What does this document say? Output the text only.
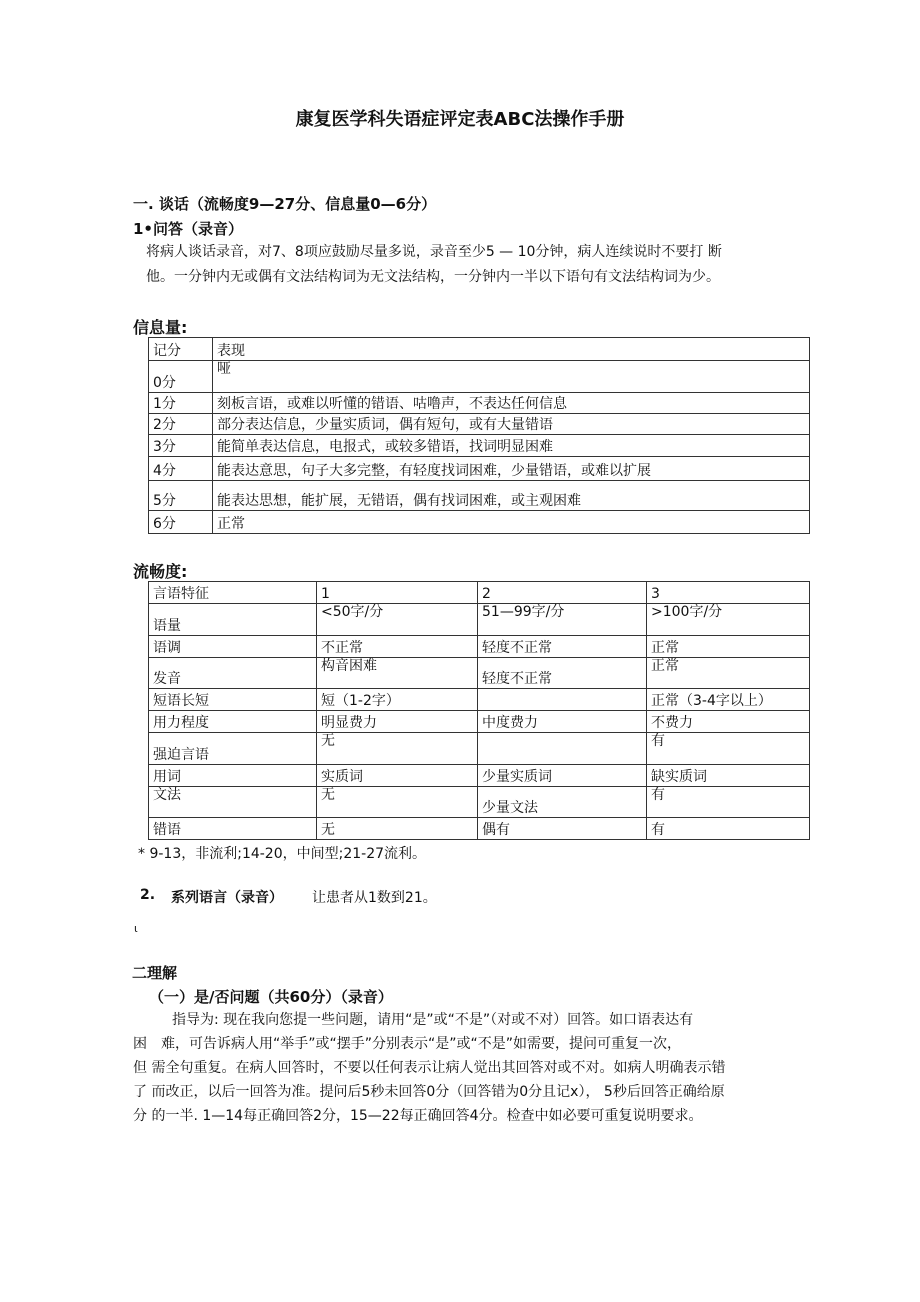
康复医学科失语症评定表ABC法操作手册
一. 谈话（流畅度9—27分、信息量0—6分）
1•问答（录音）
将病人谈话录音，对7、8项应鼓励尽量多说，录音至少5 — 10分钟，病人连续说时不要打 断
他。一分钟内无或偶有文法结构词为无文法结构，一分钟内一半以下语句有文法结构词为少。
信息量:
记分	表现
0分	哑
1分	刻板言语，或难以听懂的错语、咕噜声，不表达任何信息
2分	部分表达信息，少量实质词，偶有短句，或有大量错语
3分	能简单表达信息，电报式，或较多错语，找词明显困难
4分	能表达意思，句子大多完整，有轻度找词困难，少量错语，或难以扩展
5分	能表达思想，能扩展，无错语，偶有找词困难，或主观困难
6分	正常
流畅度:
言语特征	1	2	3
语量	<50字/分	51—99字/分	>100字/分
语调	不正常	轻度不正常	正常
发音	构音困难	轻度不正常	正常
短语长短	短（1-2字）		正常（3-4字以上）
用力程度	明显费力	中度费力	不费力
强迫言语	无		有
用词	实质词	少量实质词	缺实质词
文法	无	少量文法	有
错语	无	偶有	有
* 9-13，非流利;14-20，中间型;21-27流利。
2. 系列语言（录音） 让患者从1数到21。
ι
二理解
（一）是/否问题（共60分）（录音）
指导为: 现在我向您提一些问题，请用“是”或“不是”（对或不对）回答。如口语表达有
困　难，可告诉病人用“举手”或“摆手”分别表示“是”或“不是”如需要，提问可重复一次，
但 需全句重复。在病人回答时，不要以任何表示让病人觉出其回答对或不对。如病人明确表示错
了 而改正，以后一回答为准。提问后5秒未回答0分（回答错为0分且记x）， 5秒后回答正确给原
分 的一半. 1—14每正确回答2分，15—22每正确回答4分。检查中如必要可重复说明要求。
